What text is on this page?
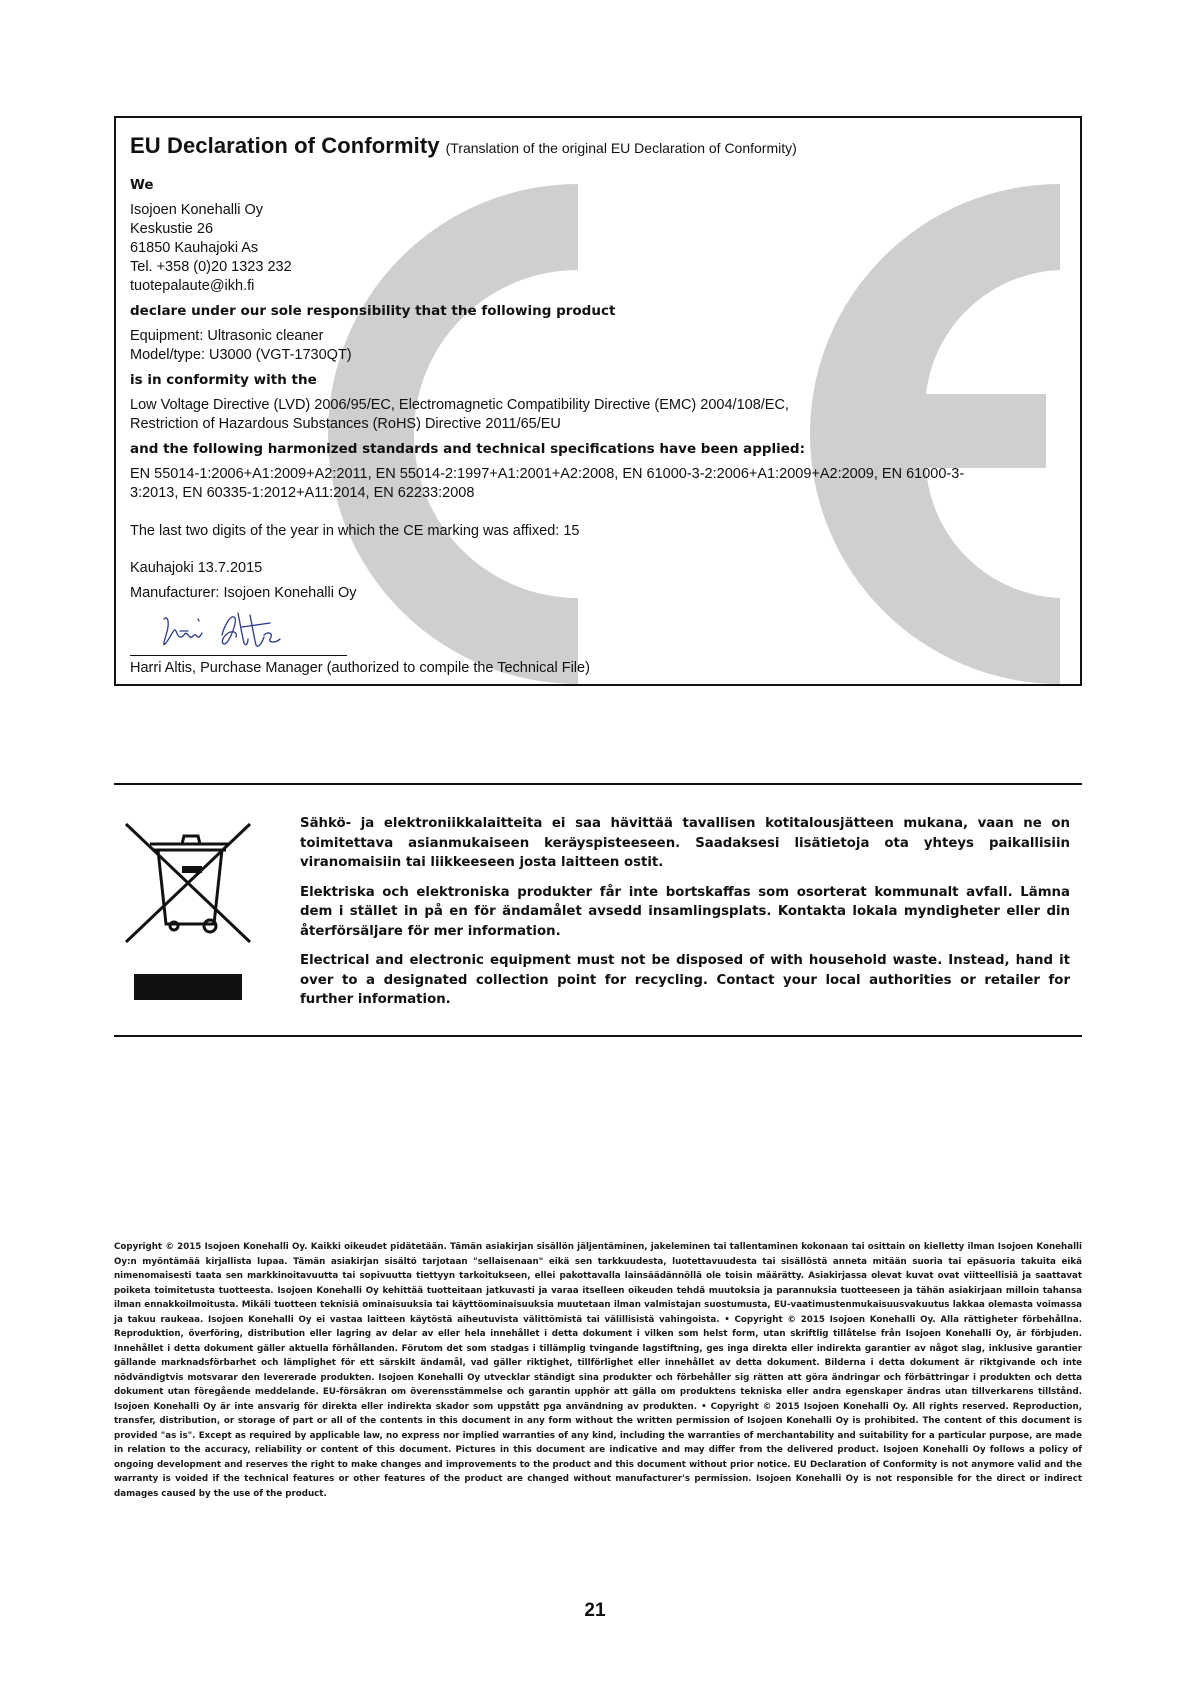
EU Declaration of Conformity (Translation of the original EU Declaration of Conformity)
We
Isojoen Konehalli Oy
Keskustie 26
61850 Kauhajoki As
Tel. +358 (0)20 1323 232
tuotepalaute@ikh.fi
declare under our sole responsibility that the following product
Equipment: Ultrasonic cleaner
Model/type: U3000 (VGT-1730QT)
is in conformity with the
Low Voltage Directive (LVD) 2006/95/EC, Electromagnetic Compatibility Directive (EMC) 2004/108/EC,
Restriction of Hazardous Substances (RoHS) Directive 2011/65/EU
and the following harmonized standards and technical specifications have been applied:
EN 55014-1:2006+A1:2009+A2:2011, EN 55014-2:1997+A1:2001+A2:2008, EN 61000-3-2:2006+A1:2009+A2:2009, EN 61000-3-
3:2013, EN 60335-1:2012+A11:2014, EN 62233:2008
The last two digits of the year in which the CE marking was affixed: 15
Kauhajoki 13.7.2015
Manufacturer: Isojoen Konehalli Oy
Harri Altis, Purchase Manager (authorized to compile the Technical File)

Sähkö- ja elektroniikkalaitteita ei saa hävittää tavallisen kotitalousjätteen mukana, vaan ne on toimitettava asianmukaiseen keräyspisteeseen. Saadaksesi lisätietoja ota yhteys paikallisiin viranomaisiin tai liikkeeseen josta laitteen ostit.

Elektriska och elektroniska produkter får inte bortskaffas som osorterat kommunalt avfall. Lämna dem i stället in på en för ändamålet avsedd insamlingsplats. Kontakta lokala myndigheter eller din återförsäljare för mer information.

Electrical and electronic equipment must not be disposed of with household waste. Instead, hand it over to a designated collection point for recycling. Contact your local authorities or retailer for further information.

Copyright © 2015 Isojoen Konehalli Oy. Kaikki oikeudet pidätetään. Tämän asiakirjan sisällön jäljentäminen, jakeleminen tai tallentaminen kokonaan tai osittain on kielletty ilman Isojoen Konehalli Oy:n myöntämää kirjallista lupaa. Tämän asiakirjan sisältö tarjotaan "sellaisenaan" eikä sen tarkkuudesta, luotettavuudesta tai sisällöstä anneta mitään suoria tai epäsuoria takuita eikä nimenomaisesti taata sen markkinoitavuutta tai sopivuutta tiettyyn tarkoitukseen, ellei pakottavalla lainsäädännöllä ole toisin määrätty. Asiakirjassa olevat kuvat ovat viitteellisiä ja saattavat poiketa toimitetusta tuotteesta. Isojoen Konehalli Oy kehittää tuotteitaan jatkuvasti ja varaa itselleen oikeuden tehdä muutoksia ja parannuksia tuotteeseen ja tähän asiakirjaan milloin tahansa ilman ennakkoilmoitusta. Mikäli tuotteen teknisiä ominaisuuksia tai käyttöominaisuuksia muutetaan ilman valmistajan suostumusta, EU-vaatimustenmukaisuusvakuutus lakkaa olemasta voimassa ja takuu raukeaa. Isojoen Konehalli Oy ei vastaa laitteen käytöstä aiheutuvista välittömistä tai välillisistä vahingoista. • Copyright © 2015 Isojoen Konehalli Oy. Alla rättigheter förbehållna. Reproduktion, överföring, distribution eller lagring av delar av eller hela innehållet i detta dokument i vilken som helst form, utan skriftlig tillåtelse från Isojoen Konehalli Oy, är förbjuden. Innehållet i detta dokument gäller aktuella förhållanden. Förutom det som stadgas i tillämplig tvingande lagstiftning, ges inga direkta eller indirekta garantier av något slag, inklusive garantier gällande marknadsförbarhet och lämplighet för ett särskilt ändamål, vad gäller riktighet, tillförlighet eller innehållet av detta dokument. Bilderna i detta dokument är riktgivande och inte nödvändigtvis motsvarar den levererade produkten. Isojoen Konehalli Oy utvecklar ständigt sina produkter och förbehåller sig rätten att göra ändringar och förbättringar i produkten och detta dokument utan föregående meddelande. EU-försäkran om överensstämmelse och garantin upphör att gälla om produktens tekniska eller andra egenskaper ändras utan tillverkarens tillstånd. Isojoen Konehalli Oy är inte ansvarig för direkta eller indirekta skador som uppstått pga användning av produkten. • Copyright © 2015 Isojoen Konehalli Oy. All rights reserved. Reproduction, transfer, distribution, or storage of part or all of the contents in this document in any form without the written permission of Isojoen Konehalli Oy is prohibited. The content of this document is provided "as is". Except as required by applicable law, no express nor implied warranties of any kind, including the warranties of merchantability and suitability for a particular purpose, are made in relation to the accuracy, reliability or content of this document. Pictures in this document are indicative and may differ from the delivered product. Isojoen Konehalli Oy follows a policy of ongoing development and reserves the right to make changes and improvements to the product and this document without prior notice. EU Declaration of Conformity is not anymore valid and the warranty is voided if the technical features or other features of the product are changed without manufacturer's permission. Isojoen Konehalli Oy is not responsible for the direct or indirect damages caused by the use of the product.
21
